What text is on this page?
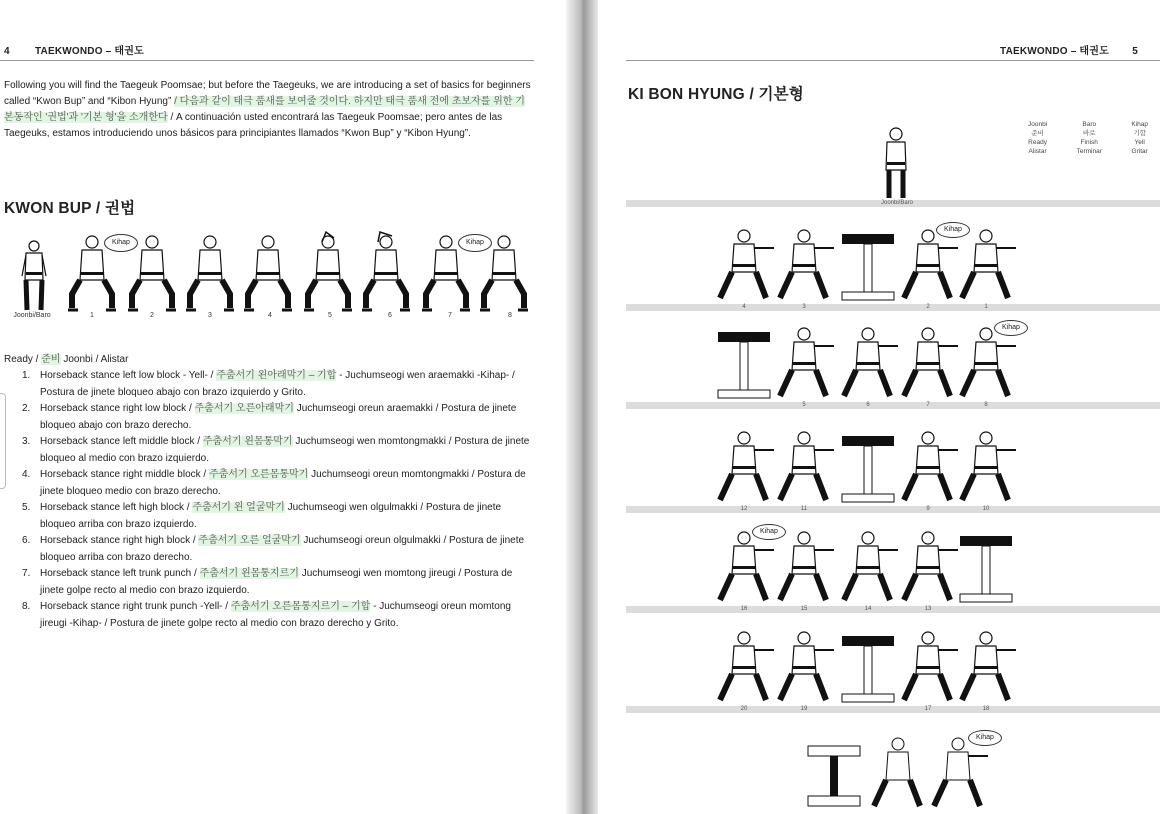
4	TAEKWONDO – 태권도
Following you will find the Taegeuk Poomsae; but before the Taegeuks, we are introducing a set of basics for beginners called “Kwon Bup” and “Kibon Hyung” / 다음과 같이 태극 품새를 보여줄 것이다. 하지만 태극 품새 전에 초보자를 위한 기본동작인 '권법'과 '기본 형'을 소개한다 / A continuación usted encontrará las Taegeuk Poomsae; pero antes de las Taegeuks, estamos introduciendo unos básicos para principiantes llamados “Kwon Bup” y “Kibon Hyung”.
KWON BUP / 권법
Kihap	Kihap
Joonbi/Baro	1	2	3	4	5	6	7	8
Ready / 준비 Joonbi / Alistar
1. Horseback stance left low block - Yell- / 주춤서기 왼아래막기 – 기합 - Juchumseogi wen araemakki -Kihap- / Postura de jinete bloqueo abajo con brazo izquierdo y Grito.
2. Horseback stance right low block / 주춤서기 오른아래막기 Juchumseogi oreun araemakki / Postura de jinete bloqueo abajo con brazo derecho.
3. Horseback stance left middle block / 주춤서기 왼몸통막기 Juchumseogi wen momtongmakki / Postura de jinete bloqueo al medio con brazo izquierdo.
4. Horseback stance right middle block / 주춤서기 오른몸통막기 Juchumseogi oreun momtongmakki / Postura de jinete bloqueo medio con brazo derecho.
5. Horseback stance left high block / 주춤서기 왼 얼굴막기 Juchumseogi wen olgulmakki / Postura de jinete bloqueo arriba con brazo izquierdo.
6. Horseback stance right high block / 주춤서기 오른 얼굴막기 Juchumseogi oreun olgulmakki / Postura de jinete bloqueo arriba con brazo derecho.
7. Horseback stance left trunk punch / 주춤서기 왼몸통지르기 Juchumseogi wen momtong jireugi / Postura de jinete golpe recto al medio con brazo izquierdo.
8. Horseback stance right trunk punch -Yell- / 주춤서기 오른몸통지르기 – 기합 - Juchumseogi oreun momtong jireugi -Kihap- / Postura de jinete golpe recto al medio con brazo derecho y Grito.
TAEKWONDO – 태권도 5
KI BON HYUNG / 기본형
Joonbi
준비
Ready
Alistar
Baro
바로
Finish
Terminar
Kihap
기합
Yell
Gritar
Joonbi/Baro
4	3	2	1
Kihap
5	6	7	8
Kihap
12	11	9	10
16	15	14	13
Kihap
20	19	17	18
Kihap
